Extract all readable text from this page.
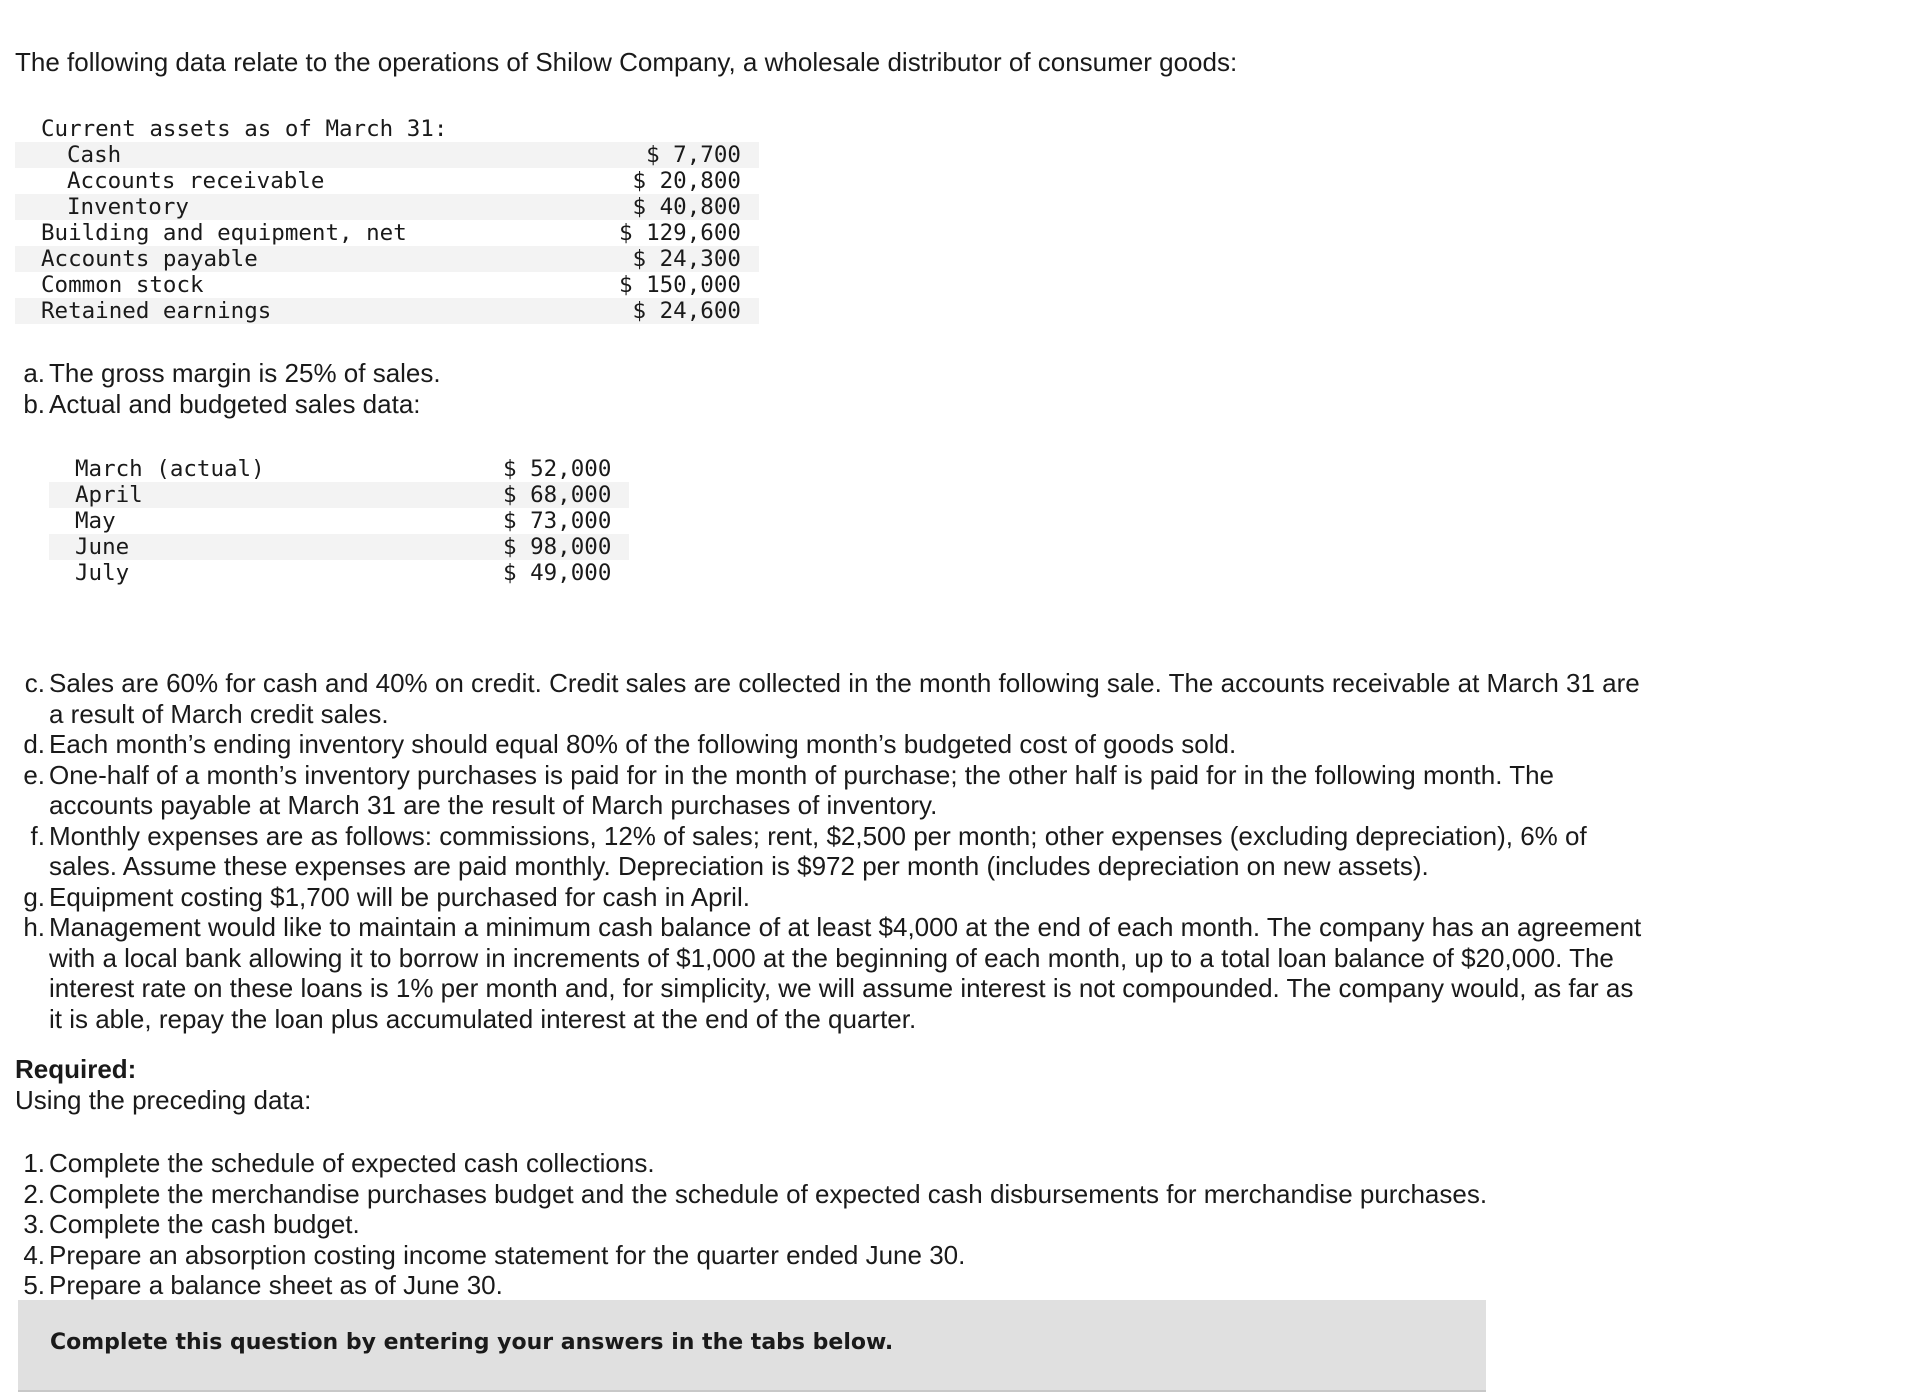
The following data relate to the operations of Shilow Company, a wholesale distributor of consumer goods:

Current assets as of March 31:
Cash	$ 7,700
Accounts receivable	$ 20,800
Inventory	$ 40,800
Building and equipment, net	$ 129,600
Accounts payable	$ 24,300
Common stock	$ 150,000
Retained earnings	$ 24,600
a. The gross margin is 25% of sales.
b. Actual and budgeted sales data:
March (actual)	$ 52,000
April	$ 68,000
May	$ 73,000
June	$ 98,000
July	$ 49,000
c. Sales are 60% for cash and 40% on credit. Credit sales are collected in the month following sale. The accounts receivable at March 31 are a result of March credit sales.
d. Each month’s ending inventory should equal 80% of the following month’s budgeted cost of goods sold.
e. One-half of a month’s inventory purchases is paid for in the month of purchase; the other half is paid for in the following month. The accounts payable at March 31 are the result of March purchases of inventory.
f. Monthly expenses are as follows: commissions, 12% of sales; rent, $2,500 per month; other expenses (excluding depreciation), 6% of sales. Assume these expenses are paid monthly. Depreciation is $972 per month (includes depreciation on new assets).
g. Equipment costing $1,700 will be purchased for cash in April.
h. Management would like to maintain a minimum cash balance of at least $4,000 at the end of each month. The company has an agreement with a local bank allowing it to borrow in increments of $1,000 at the beginning of each month, up to a total loan balance of $20,000. The interest rate on these loans is 1% per month and, for simplicity, we will assume interest is not compounded. The company would, as far as it is able, repay the loan plus accumulated interest at the end of the quarter.
Required:
Using the preceding data:
1. Complete the schedule of expected cash collections.
2. Complete the merchandise purchases budget and the schedule of expected cash disbursements for merchandise purchases.
3. Complete the cash budget.
4. Prepare an absorption costing income statement for the quarter ended June 30.
5. Prepare a balance sheet as of June 30.
Complete this question by entering your answers in the tabs below.
